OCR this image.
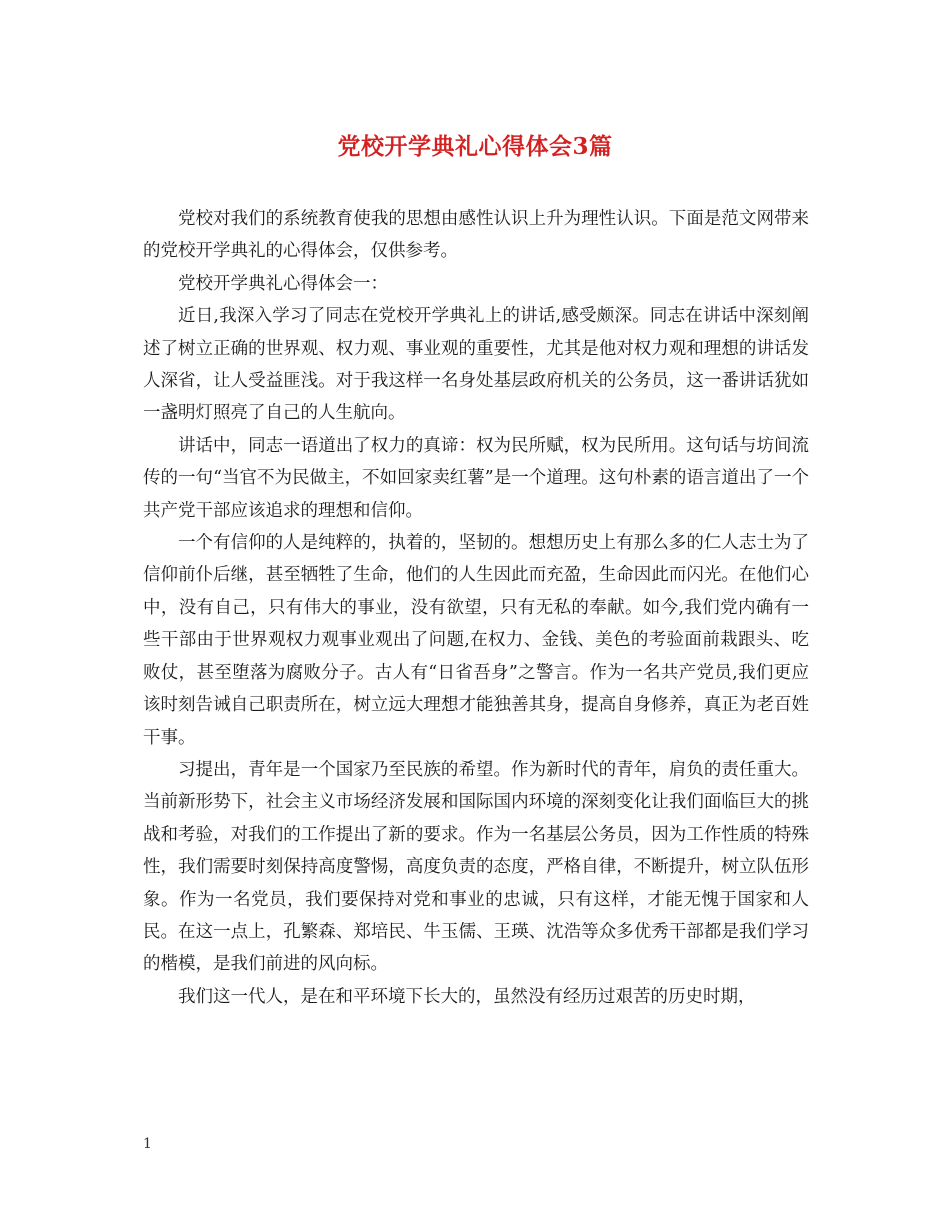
党校开学典礼心得体会3篇

党校对我们的系统教育使我的思想由感性认识上升为理性认识。下面是范文网带来的党校开学典礼的心得体会，仅供参考。

党校开学典礼心得体会一：

近日,我深入学习了同志在党校开学典礼上的讲话,感受颇深。同志在讲话中深刻阐述了树立正确的世界观、权力观、事业观的重要性，尤其是他对权力观和理想的讲话发人深省，让人受益匪浅。对于我这样一名身处基层政府机关的公务员，这一番讲话犹如一盏明灯照亮了自己的人生航向。

讲话中，同志一语道出了权力的真谛：权为民所赋，权为民所用。这句话与坊间流传的一句“当官不为民做主，不如回家卖红薯”是一个道理。这句朴素的语言道出了一个共产党干部应该追求的理想和信仰。

一个有信仰的人是纯粹的，执着的，坚韧的。想想历史上有那么多的仁人志士为了信仰前仆后继，甚至牺牲了生命，他们的人生因此而充盈，生命因此而闪光。在他们心中，没有自己，只有伟大的事业，没有欲望，只有无私的奉献。如今,我们党内确有一些干部由于世界观权力观事业观出了问题,在权力、金钱、美色的考验面前栽跟头、吃败仗，甚至堕落为腐败分子。古人有“日省吾身”之警言。作为一名共产党员,我们更应该时刻告诫自己职责所在，树立远大理想才能独善其身，提高自身修养，真正为老百姓干事。

习提出，青年是一个国家乃至民族的希望。作为新时代的青年，肩负的责任重大。当前新形势下，社会主义市场经济发展和国际国内环境的深刻变化让我们面临巨大的挑战和考验，对我们的工作提出了新的要求。作为一名基层公务员，因为工作性质的特殊性，我们需要时刻保持高度警惕，高度负责的态度，严格自律，不断提升，树立队伍形象。作为一名党员，我们要保持对党和事业的忠诚，只有这样，才能无愧于国家和人民。在这一点上，孔繁森、郑培民、牛玉儒、王瑛、沈浩等众多优秀干部都是我们学习的楷模，是我们前进的风向标。

我们这一代人，是在和平环境下长大的，虽然没有经历过艰苦的历史时期，

1
